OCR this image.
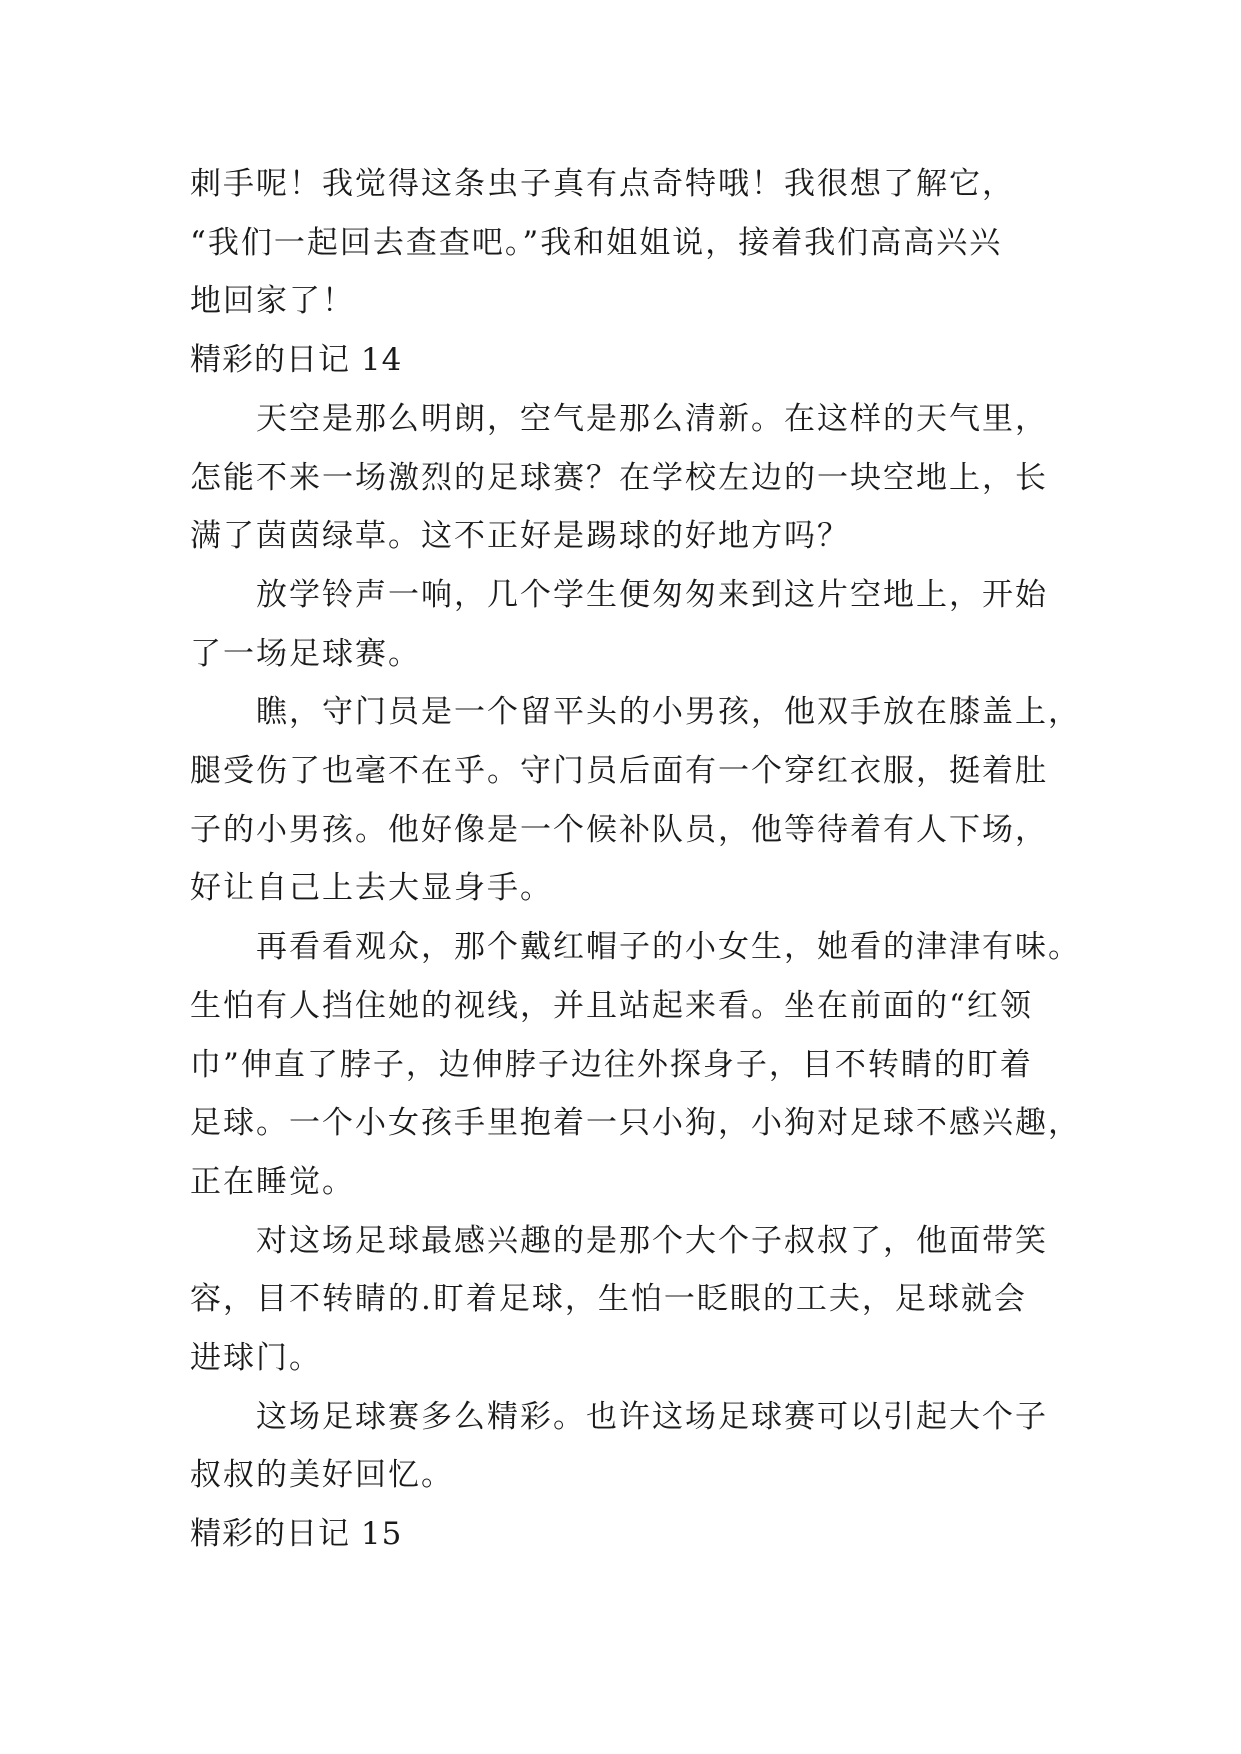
刺手呢！我觉得这条虫子真有点奇特哦！我很想了解它，

“我们一起回去查查吧。”我和姐姐说，接着我们高高兴兴

地回家了！

精彩的日记 14

天空是那么明朗，空气是那么清新。在这样的天气里，

怎能不来一场激烈的足球赛？在学校左边的一块空地上，长

满了茵茵绿草。这不正好是踢球的好地方吗？

放学铃声一响，几个学生便匆匆来到这片空地上，开始

了一场足球赛。

瞧，守门员是一个留平头的小男孩，他双手放在膝盖上，

腿受伤了也毫不在乎。守门员后面有一个穿红衣服，挺着肚

子的小男孩。他好像是一个候补队员，他等待着有人下场，

好让自己上去大显身手。

再看看观众，那个戴红帽子的小女生，她看的津津有味。

生怕有人挡住她的视线，并且站起来看。坐在前面的“红领

巾”伸直了脖子，边伸脖子边往外探身子，目不转睛的盯着

足球。一个小女孩手里抱着一只小狗，小狗对足球不感兴趣，

正在睡觉。

对这场足球最感兴趣的是那个大个子叔叔了，他面带笑

容，目不转睛的.盯着足球，生怕一眨眼的工夫，足球就会

进球门。

这场足球赛多么精彩。也许这场足球赛可以引起大个子

叔叔的美好回忆。

精彩的日记 15
